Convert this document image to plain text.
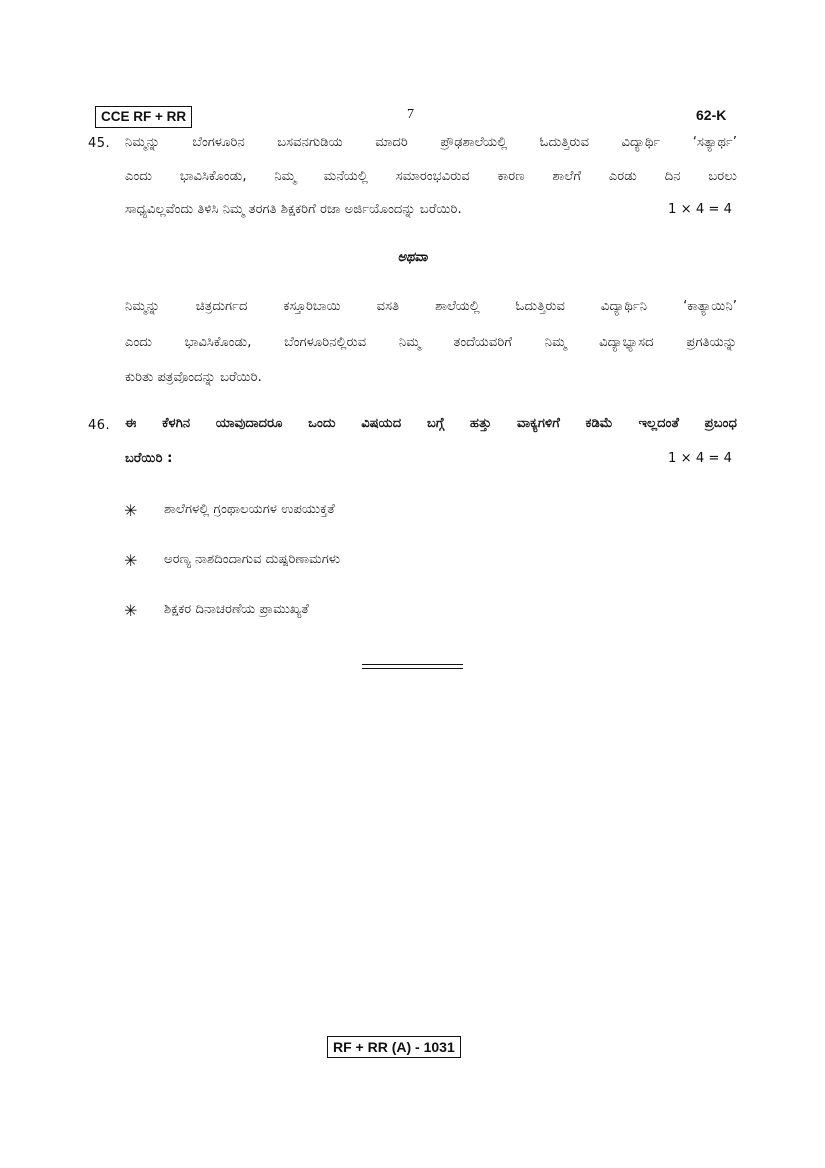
CCE RF + RR	7	62-K
45. ನಿಮ್ಮನ್ನು ಬೆಂಗಳೂರಿನ ಬಸವನಗುಡಿಯ ಮಾದರಿ ಪ್ರೌಢಶಾಲೆಯಲ್ಲಿ ಓದುತ್ತಿರುವ ವಿದ್ಯಾರ್ಥಿ ‘ಸತ್ಯಾರ್ಥ’
ಎಂದು ಭಾವಿಸಿಕೊಂಡು, ನಿಮ್ಮ ಮನೆಯಲ್ಲಿ ಸಮಾರಂಭವಿರುವ ಕಾರಣ ಶಾಲೆಗೆ ಎರಡು ದಿನ ಬರಲು
ಸಾಧ್ಯವಿಲ್ಲವೆಂದು ತಿಳಿಸಿ ನಿಮ್ಮ ತರಗತಿ ಶಿಕ್ಷಕರಿಗೆ ರಜಾ ಅರ್ಜಿಯೊಂದನ್ನು ಬರೆಯಿರಿ.	1 × 4 = 4
ಅಥವಾ
ನಿಮ್ಮನ್ನು ಚಿತ್ರದುರ್ಗದ ಕಸ್ತೂರಿಬಾಯಿ ವಸತಿ ಶಾಲೆಯಲ್ಲಿ ಓದುತ್ತಿರುವ ವಿದ್ಯಾರ್ಥಿನಿ ‘ಕಾತ್ಯಾಯಿನಿ’
ಎಂದು ಭಾವಿಸಿಕೊಂಡು, ಬೆಂಗಳೂರಿನಲ್ಲಿರುವ ನಿಮ್ಮ ತಂದೆಯವರಿಗೆ ನಿಮ್ಮ ವಿದ್ಯಾಭ್ಯಾಸದ ಪ್ರಗತಿಯನ್ನು
ಕುರಿತು ಪತ್ರವೊಂದನ್ನು ಬರೆಯಿರಿ.
46. ಈ ಕೆಳಗಿನ ಯಾವುದಾದರೂ ಒಂದು ವಿಷಯದ ಬಗ್ಗೆ ಹತ್ತು ವಾಕ್ಯಗಳಿಗೆ ಕಡಿಮೆ ಇಲ್ಲದಂತೆ ಪ್ರಬಂಧ
ಬರೆಯಿರಿ :	1 × 4 = 4
✳ ಶಾಲೆಗಳಲ್ಲಿ ಗ್ರಂಥಾಲಯಗಳ ಉಪಯುಕ್ತತೆ
✳ ಅರಣ್ಯ ನಾಶದಿಂದಾಗುವ ದುಷ್ಪರಿಣಾಮಗಳು
✳ ಶಿಕ್ಷಕರ ದಿನಾಚರಣೆಯ ಪ್ರಾಮುಖ್ಯತೆ
RF + RR (A) - 1031
